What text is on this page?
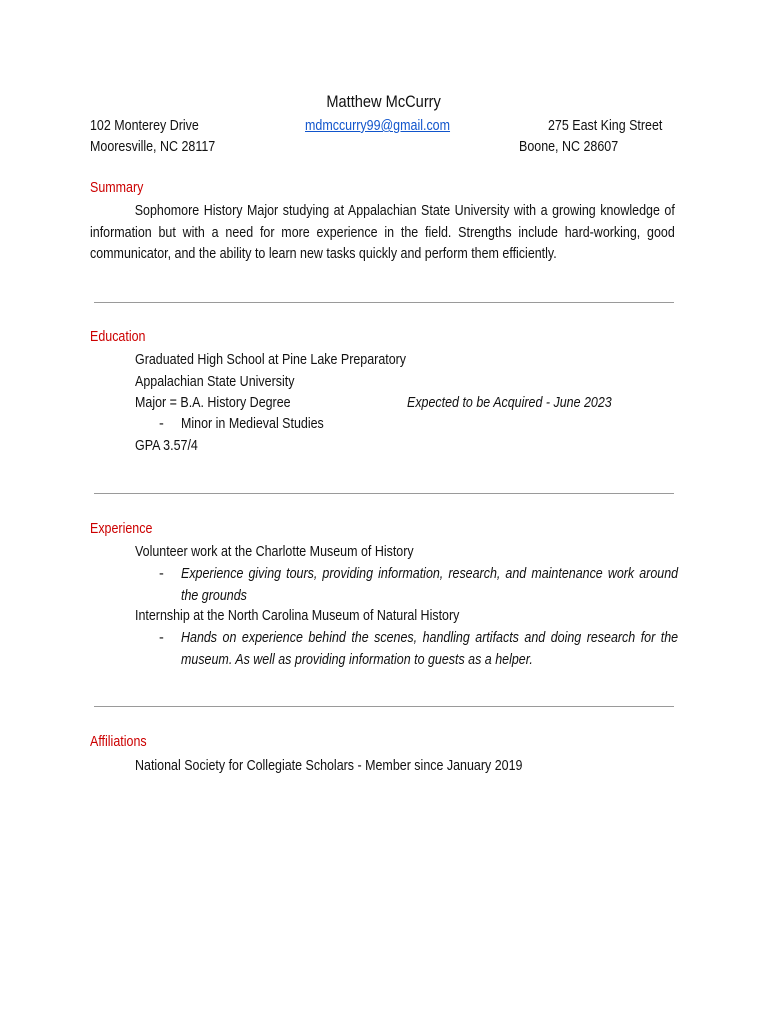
Matthew McCurry
102 Monterey Drive
Mooresville, NC 28117
mdmccurry99@gmail.com	275 East King Street
Boone, NC 28607
Summary
Sophomore History Major studying at Appalachian State University with a growing knowledge of information but with a need for more experience in the field. Strengths include hard-working, good communicator, and the ability to learn new tasks quickly and perform them efficiently.
Education
Graduated High School at Pine Lake Preparatory
Appalachian State University
Major = B.A. History Degree	Expected to be Acquired - June 2023
- Minor in Medieval Studies
GPA 3.57/4
Experience
Volunteer work at the Charlotte Museum of History
- Experience giving tours, providing information, research, and maintenance work around the grounds
Internship at the North Carolina Museum of Natural History
- Hands on experience behind the scenes, handling artifacts and doing research for the museum. As well as providing information to guests as a helper.
Affiliations
National Society for Collegiate Scholars - Member since January 2019
